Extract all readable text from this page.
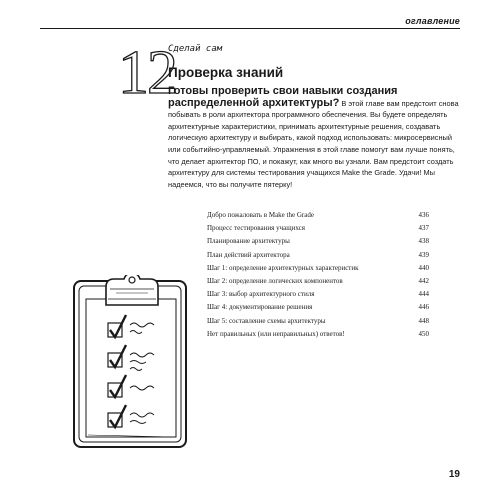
оглавление
12
Сделай сам
Проверка знаний
Готовы проверить свои навыки создания распределенной архитектуры? В этой главе вам предстоит снова побывать в роли архитектора программного обеспечения. Вы будете определять архитектурные характеристики, принимать архитектурные решения, создавать логическую архитектуру и выбирать, какой подход использовать: микросервисный или событийно-управляемый. Упражнения в этой главе помогут вам лучше понять, что делает архитектор ПО, и покажут, как много вы узнали. Вам предстоит создать архитектуру для системы тестирования учащихся Make the Grade. Удачи! Мы надеемся, что вы получите пятерку!
Добро пожаловать в Make the Grade	436
Процесс тестирования учащихся	437
Планирование архитектуры	438
План действий архитектора	439
Шаг 1: определение архитектурных характеристик	440
Шаг 2: определение логических компонентов	442
Шаг 3: выбор архитектурного стиля	444
Шаг 4: документирование решения	446
Шаг 5: составление схемы архитектуры	448
Нет правильных (или неправильных) ответов!	450
19
